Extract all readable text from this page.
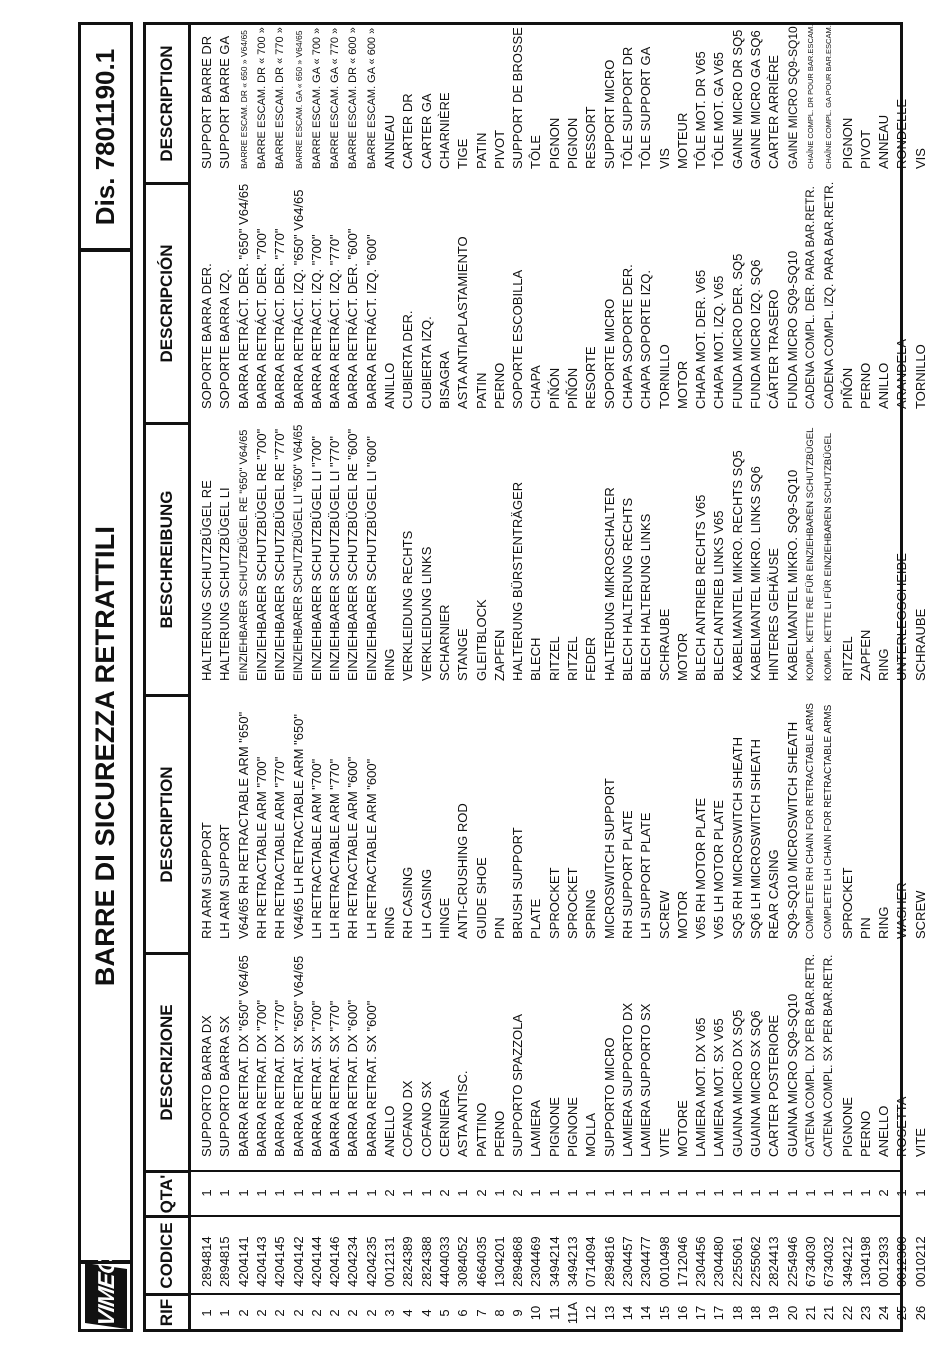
VIMEC
BARRE DI SICUREZZA RETRATTILI
Dis. 7801190.1
RIF
CODICE
QTA'
DESCRIZIONE
DESCRIPTION
BESCHREIBUNG
DESCRIPCIÓN
DESCRIPTION
1
2894814
1
SUPPORTO BARRA DX
RH ARM SUPPORT
HALTERUNG SCHUTZBÜGEL RE
SOPORTE BARRA DER.
SUPPORT BARRE DR
1
2894815
1
SUPPORTO BARRA SX
LH ARM SUPPORT
HALTERUNG SCHUTZBÜGEL LI
SOPORTE BARRA IZQ.
SUPPORT BARRE GA
2
4204141
1
BARRA RETRAT. DX "650" V64/65
V64/65 RH RETRACTABLE ARM "650"
EINZIEHBARER SCHUTZBÜGEL RE "650" V64/65
BARRA RETRÁCT. DER. "650" V64/65
BARRE ESCAM. DR « 650 » V64/65
2
4204143
1
BARRA RETRAT. DX "700"
RH RETRACTABLE ARM "700"
EINZIEHBARER SCHUTZBÜGEL RE "700"
BARRA RETRÁCT. DER. "700"
BARRE ESCAM. DR « 700 »
2
4204145
1
BARRA RETRAT. DX "770"
RH RETRACTABLE ARM "770"
EINZIEHBARER SCHUTZBÜGEL RE "770"
BARRA RETRÁCT. DER. "770"
BARRE ESCAM. DR « 770 »
2
4204142
1
BARRA RETRAT. SX "650" V64/65
V64/65 LH RETRACTABLE ARM "650"
EINZIEHBARER SCHUTZBÜGEL LI "650" V64/65
BARRA RETRÁCT. IZQ. "650" V64/65
BARRE ESCAM. GA « 650 » V64/65
2
4204144
1
BARRA RETRAT. SX "700"
LH RETRACTABLE ARM "700"
EINZIEHBARER SCHUTZBÜGEL LI "700"
BARRA RETRÁCT. IZQ. "700"
BARRE ESCAM. GA « 700 »
2
4204146
1
BARRA RETRAT. SX "770"
LH RETRACTABLE ARM "770"
EINZIEHBARER SCHUTZBÜGEL LI "770"
BARRA RETRÁCT. IZQ. "770"
BARRE ESCAM. GA « 770 »
2
4204234
1
BARRA RETRAT. DX "600"
RH RETRACTABLE ARM "600"
EINZIEHBARER SCHUTZBÜGEL RE "600"
BARRA RETRÁCT. DER. "600"
BARRE ESCAM. DR « 600 »
2
4204235
1
BARRA RETRAT. SX "600"
LH RETRACTABLE ARM "600"
EINZIEHBARER SCHUTZBÜGEL LI "600"
BARRA RETRÁCT. IZQ. "600"
BARRE ESCAM. GA « 600 »
3
0012131
2
ANELLO
RING
RING
ANILLO
ANNEAU
4
2824389
1
COFANO DX
RH CASING
VERKLEIDUNG RECHTS
CUBIERTA DER.
CARTER DR
4
2824388
1
COFANO SX
LH CASING
VERKLEIDUNG LINKS
CUBIERTA IZQ.
CARTER GA
5
4404033
2
CERNIERA
HINGE
SCHARNIER
BISAGRA
CHARNIÈRE
6
3084052
1
ASTA ANTISC.
ANTI-CRUSHING ROD
STANGE
ASTA ANTIAPLASTAMIENTO
TIGE
7
4664035
2
PATTINO
GUIDE SHOE
GLEITBLOCK
PATIN
PATIN
8
1304201
1
PERNO
PIN
ZAPFEN
PERNO
PIVOT
9
2894868
2
SUPPORTO SPAZZOLA
BRUSH SUPPORT
HALTERUNG BÜRSTENTRÄGER
SOPORTE ESCOBILLA
SUPPORT DE BROSSE
10
2304469
1
LAMIERA
PLATE
BLECH
CHAPA
TÔLE
11
3494214
1
PIGNONE
SPROCKET
RITZEL
PIÑÓN
PIGNON
11A
3494213
1
PIGNONE
SPROCKET
RITZEL
PIÑÓN
PIGNON
12
0714094
1
MOLLA
SPRING
FEDER
RESORTE
RESSORT
13
2894816
1
SUPPORTO MICRO
MICROSWITCH SUPPORT
HALTERUNG MIKROSCHALTER
SOPORTE MICRO
SUPPORT MICRO
14
2304457
1
LAMIERA SUPPORTO DX
RH SUPPORT PLATE
BLECH HALTERUNG RECHTS
CHAPA SOPORTE DER.
TÔLE SUPPORT DR
14
2304477
1
LAMIERA SUPPORTO SX
LH SUPPORT PLATE
BLECH HALTERUNG LINKS
CHAPA SOPORTE IZQ.
TÔLE SUPPORT GA
15
0010498
1
VITE
SCREW
SCHRAUBE
TORNILLO
VIS
16
1712046
1
MOTORE
MOTOR
MOTOR
MOTOR
MOTEUR
17
2304456
1
LAMIERA MOT. DX V65
V65 RH MOTOR PLATE
BLECH ANTRIEB RECHTS V65
CHAPA MOT. DER. V65
TÔLE MOT. DR V65
17
2304480
1
LAMIERA MOT. SX V65
V65 LH MOTOR PLATE
BLECH ANTRIEB LINKS V65
CHAPA MOT. IZQ. V65
TÔLE MOT. GA V65
18
2255061
1
GUAINA MICRO DX SQ5
SQ5 RH MICROSWITCH SHEATH
KABELMANTEL MIKRO. RECHTS SQ5
FUNDA MICRO DER. SQ5
GAINE MICRO DR SQ5
18
2255062
1
GUAINA MICRO SX SQ6
SQ6 LH MICROSWITCH SHEATH
KABELMANTEL MIKRO. LINKS SQ6
FUNDA MICRO IZQ. SQ6
GAINE MICRO GA SQ6
19
2824413
1
CARTER POSTERIORE
REAR CASING
HINTERES GEHÄUSE
CÁRTER TRASERO
CARTER ARRIÈRE
20
2254946
1
GUAINA MICRO SQ9-SQ10
SQ9-SQ10 MICROSWITCH SHEATH
KABELMANTEL MIKRO. SQ9-SQ10
FUNDA MICRO SQ9-SQ10
GAINE MICRO SQ9-SQ10
21
6734030
1
CATENA COMPL. DX PER BAR.RETR.
COMPLETE RH CHAIN FOR RETRACTABLE ARMS
KOMPL. KETTE RE FÜR EINZIEHBAREN SCHUTZBÜGEL
CADENA COMPL. DER. PARA BAR.RETR.
CHAÎNE COMPL. DR POUR BAR.ESCAM.
21
6734032
1
CATENA COMPL. SX PER BAR.RETR.
COMPLETE LH CHAIN FOR RETRACTABLE ARMS
KOMPL. KETTE LI FÜR EINZIEHBAREN SCHUTZBÜGEL
CADENA COMPL. IZQ. PARA BAR.RETR.
CHAÎNE COMPL. GA POUR BAR.ESCAM.
22
3494212
1
PIGNONE
SPROCKET
RITZEL
PIÑÓN
PIGNON
23
1304198
1
PERNO
PIN
ZAPFEN
PERNO
PIVOT
24
0012933
2
ANELLO
RING
RING
ANILLO
ANNEAU
25
0012380
1
ROSETTA
WASHER
UNTERLEGSCHEIBE
ARANDELA
RONDELLE
26
0010212
1
VITE
SCREW
SCHRAUBE
TORNILLO
VIS
